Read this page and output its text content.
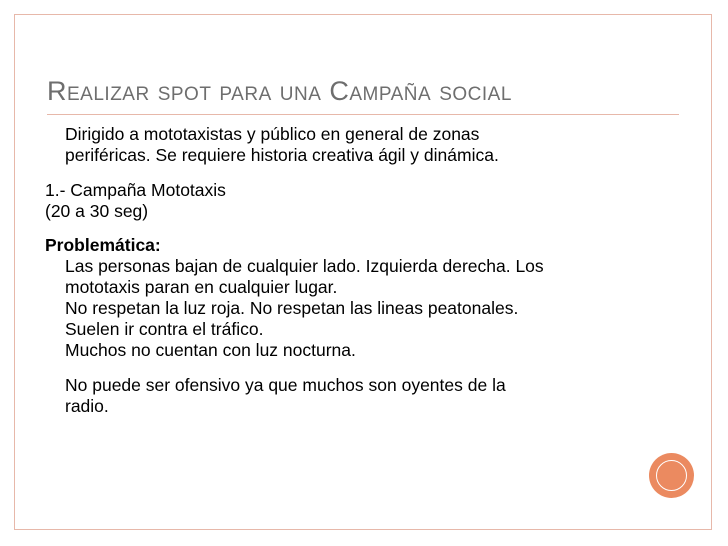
Realizar spot para una Campaña social
Dirigido a mototaxistas y público en general de zonas
periféricas. Se requiere historia creativa ágil y dinámica.
1.- Campaña Mototaxis
(20 a 30 seg)
Problemática:
Las personas bajan de cualquier lado. Izquierda derecha. Los
mototaxis paran en cualquier lugar.
No respetan la luz roja. No respetan las lineas peatonales.
Suelen ir contra el tráfico.
Muchos no cuentan con luz nocturna.
No puede ser ofensivo ya que muchos son oyentes de la
radio.
